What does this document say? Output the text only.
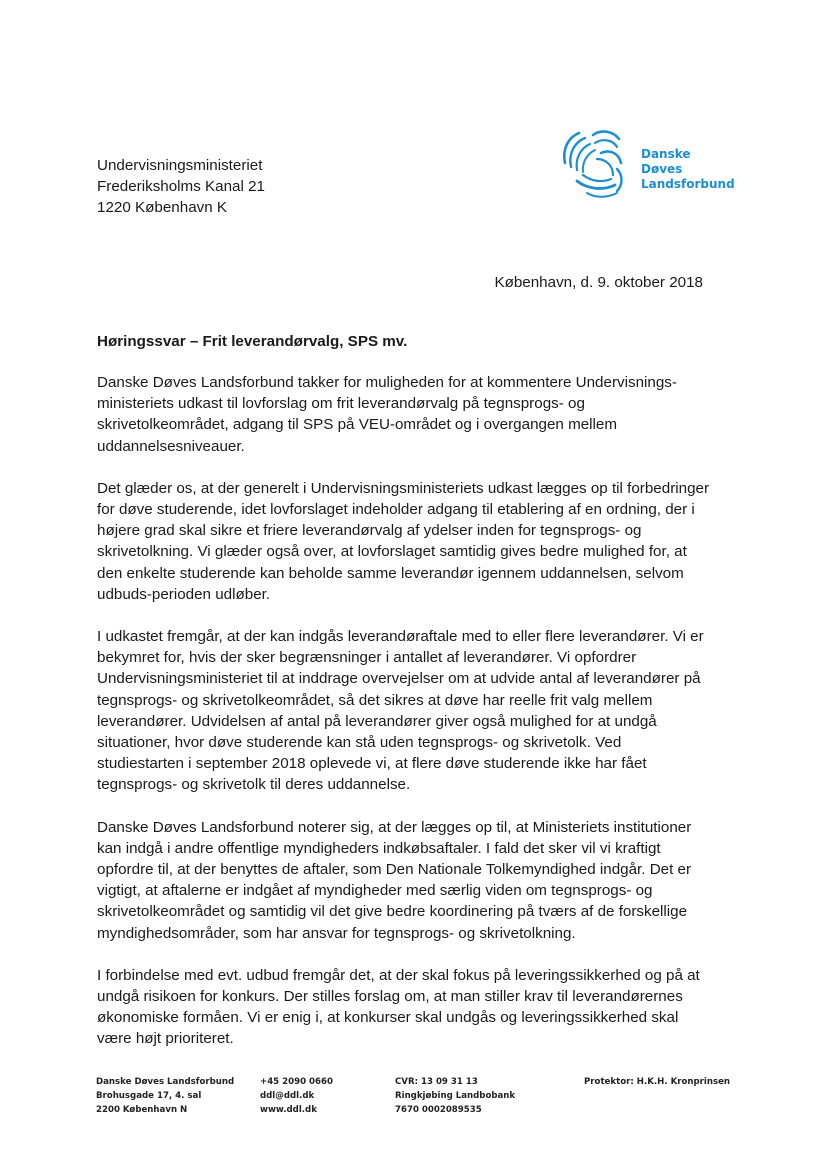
Undervisningsministeriet
Frederiksholms Kanal 21
1220 København K
Danske
Døves
Landsforbund
København, d. 9. oktober 2018
Høringssvar – Frit leverandørvalg, SPS mv.

Danske Døves Landsforbund takker for muligheden for at kommentere Undervisnings-ministeriets udkast til lovforslag om frit leverandørvalg på tegnsprogs- og skrivetolkeområdet, adgang til SPS på VEU-området og i overgangen mellem uddannelsesniveauer.

Det glæder os, at der generelt i Undervisningsministeriets udkast lægges op til forbedringer for døve studerende, idet lovforslaget indeholder adgang til etablering af en ordning, der i højere grad skal sikre et friere leverandørvalg af ydelser inden for tegnsprogs- og skrivetolkning. Vi glæder også over, at lovforslaget samtidig gives bedre mulighed for, at den enkelte studerende kan beholde samme leverandør igennem uddannelsen, selvom udbuds-perioden udløber.

I udkastet fremgår, at der kan indgås leverandøraftale med to eller flere leverandører. Vi er bekymret for, hvis der sker begrænsninger i antallet af leverandører. Vi opfordrer Undervisningsministeriet til at inddrage overvejelser om at udvide antal af leverandører på tegnsprogs- og skrivetolkeområdet, så det sikres at døve har reelle frit valg mellem leverandører. Udvidelsen af antal på leverandører giver også mulighed for at undgå situationer, hvor døve studerende kan stå uden tegnsprogs- og skrivetolk. Ved studiestarten i september 2018 oplevede vi, at flere døve studerende ikke har fået tegnsprogs- og skrivetolk til deres uddannelse.

Danske Døves Landsforbund noterer sig, at der lægges op til, at Ministeriets institutioner kan indgå i andre offentlige myndigheders indkøbsaftaler. I fald det sker vil vi kraftigt opfordre til, at der benyttes de aftaler, som Den Nationale Tolkemyndighed indgår. Det er vigtigt, at aftalerne er indgået af myndigheder med særlig viden om tegnsprogs- og skrivetolkeområdet og samtidig vil det give bedre koordinering på tværs af de forskellige myndighedsområder, som har ansvar for tegnsprogs- og skrivetolkning.

I forbindelse med evt. udbud fremgår det, at der skal fokus på leveringssikkerhed og på at undgå risikoen for konkurs. Der stilles forslag om, at man stiller krav til leverandørernes økonomiske formåen. Vi er enig i, at konkurser skal undgås og leveringssikkerhed skal være højt prioriteret.

Danske Døves Landsforbund
Brohusgade 17, 4. sal
2200 København N
+45 2090 0660
ddl@ddl.dk
www.ddl.dk
CVR: 13 09 31 13
Ringkjøbing Landbobank
7670 0002089535
Protektor: H.K.H. Kronprinsen
